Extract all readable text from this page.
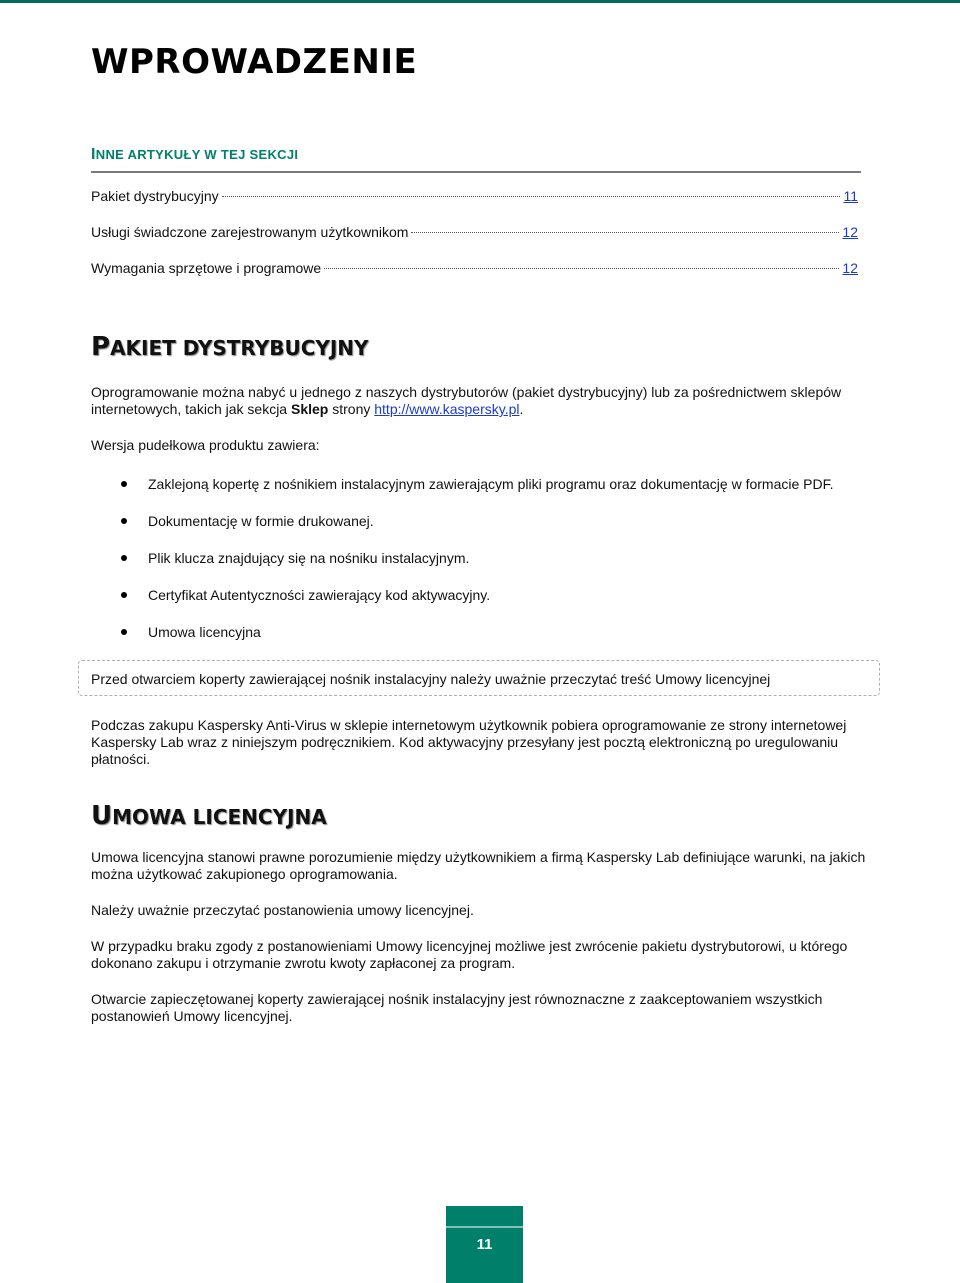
WPROWADZENIE
INNE ARTYKUŁY W TEJ SEKCJI
Pakiet dystrybucyjny	11
Usługi świadczone zarejestrowanym użytkownikom	12
Wymagania sprzętowe i programowe	12
PAKIET DYSTRYBUCYJNY

Oprogramowanie można nabyć u jednego z naszych dystrybutorów (pakiet dystrybucyjny) lub za pośrednictwem sklepów internetowych, takich jak sekcja Sklep strony http://www.kaspersky.pl.

Wersja pudełkowa produktu zawiera:

Zaklejoną kopertę z nośnikiem instalacyjnym zawierającym pliki programu oraz dokumentację w formacie PDF.
Dokumentację w formie drukowanej.
Plik klucza znajdujący się na nośniku instalacyjnym.
Certyfikat Autentyczności zawierający kod aktywacyjny.
Umowa licencyjna
Przed otwarciem koperty zawierającej nośnik instalacyjny należy uważnie przeczytać treść Umowy licencyjnej

Podczas zakupu Kaspersky Anti-Virus w sklepie internetowym użytkownik pobiera oprogramowanie ze strony internetowej Kaspersky Lab wraz z niniejszym podręcznikiem. Kod aktywacyjny przesyłany jest pocztą elektroniczną po uregulowaniu płatności.

UMOWA LICENCYJNA

Umowa licencyjna stanowi prawne porozumienie między użytkownikiem a firmą Kaspersky Lab definiujące warunki, na jakich można użytkować zakupionego oprogramowania.

Należy uważnie przeczytać postanowienia umowy licencyjnej.

W przypadku braku zgody z postanowieniami Umowy licencyjnej możliwe jest zwrócenie pakietu dystrybutorowi, u którego dokonano zakupu i otrzymanie zwrotu kwoty zapłaconej za program.

Otwarcie zapieczętowanej koperty zawierającej nośnik instalacyjny jest równoznaczne z zaakceptowaniem wszystkich postanowień Umowy licencyjnej.

11
